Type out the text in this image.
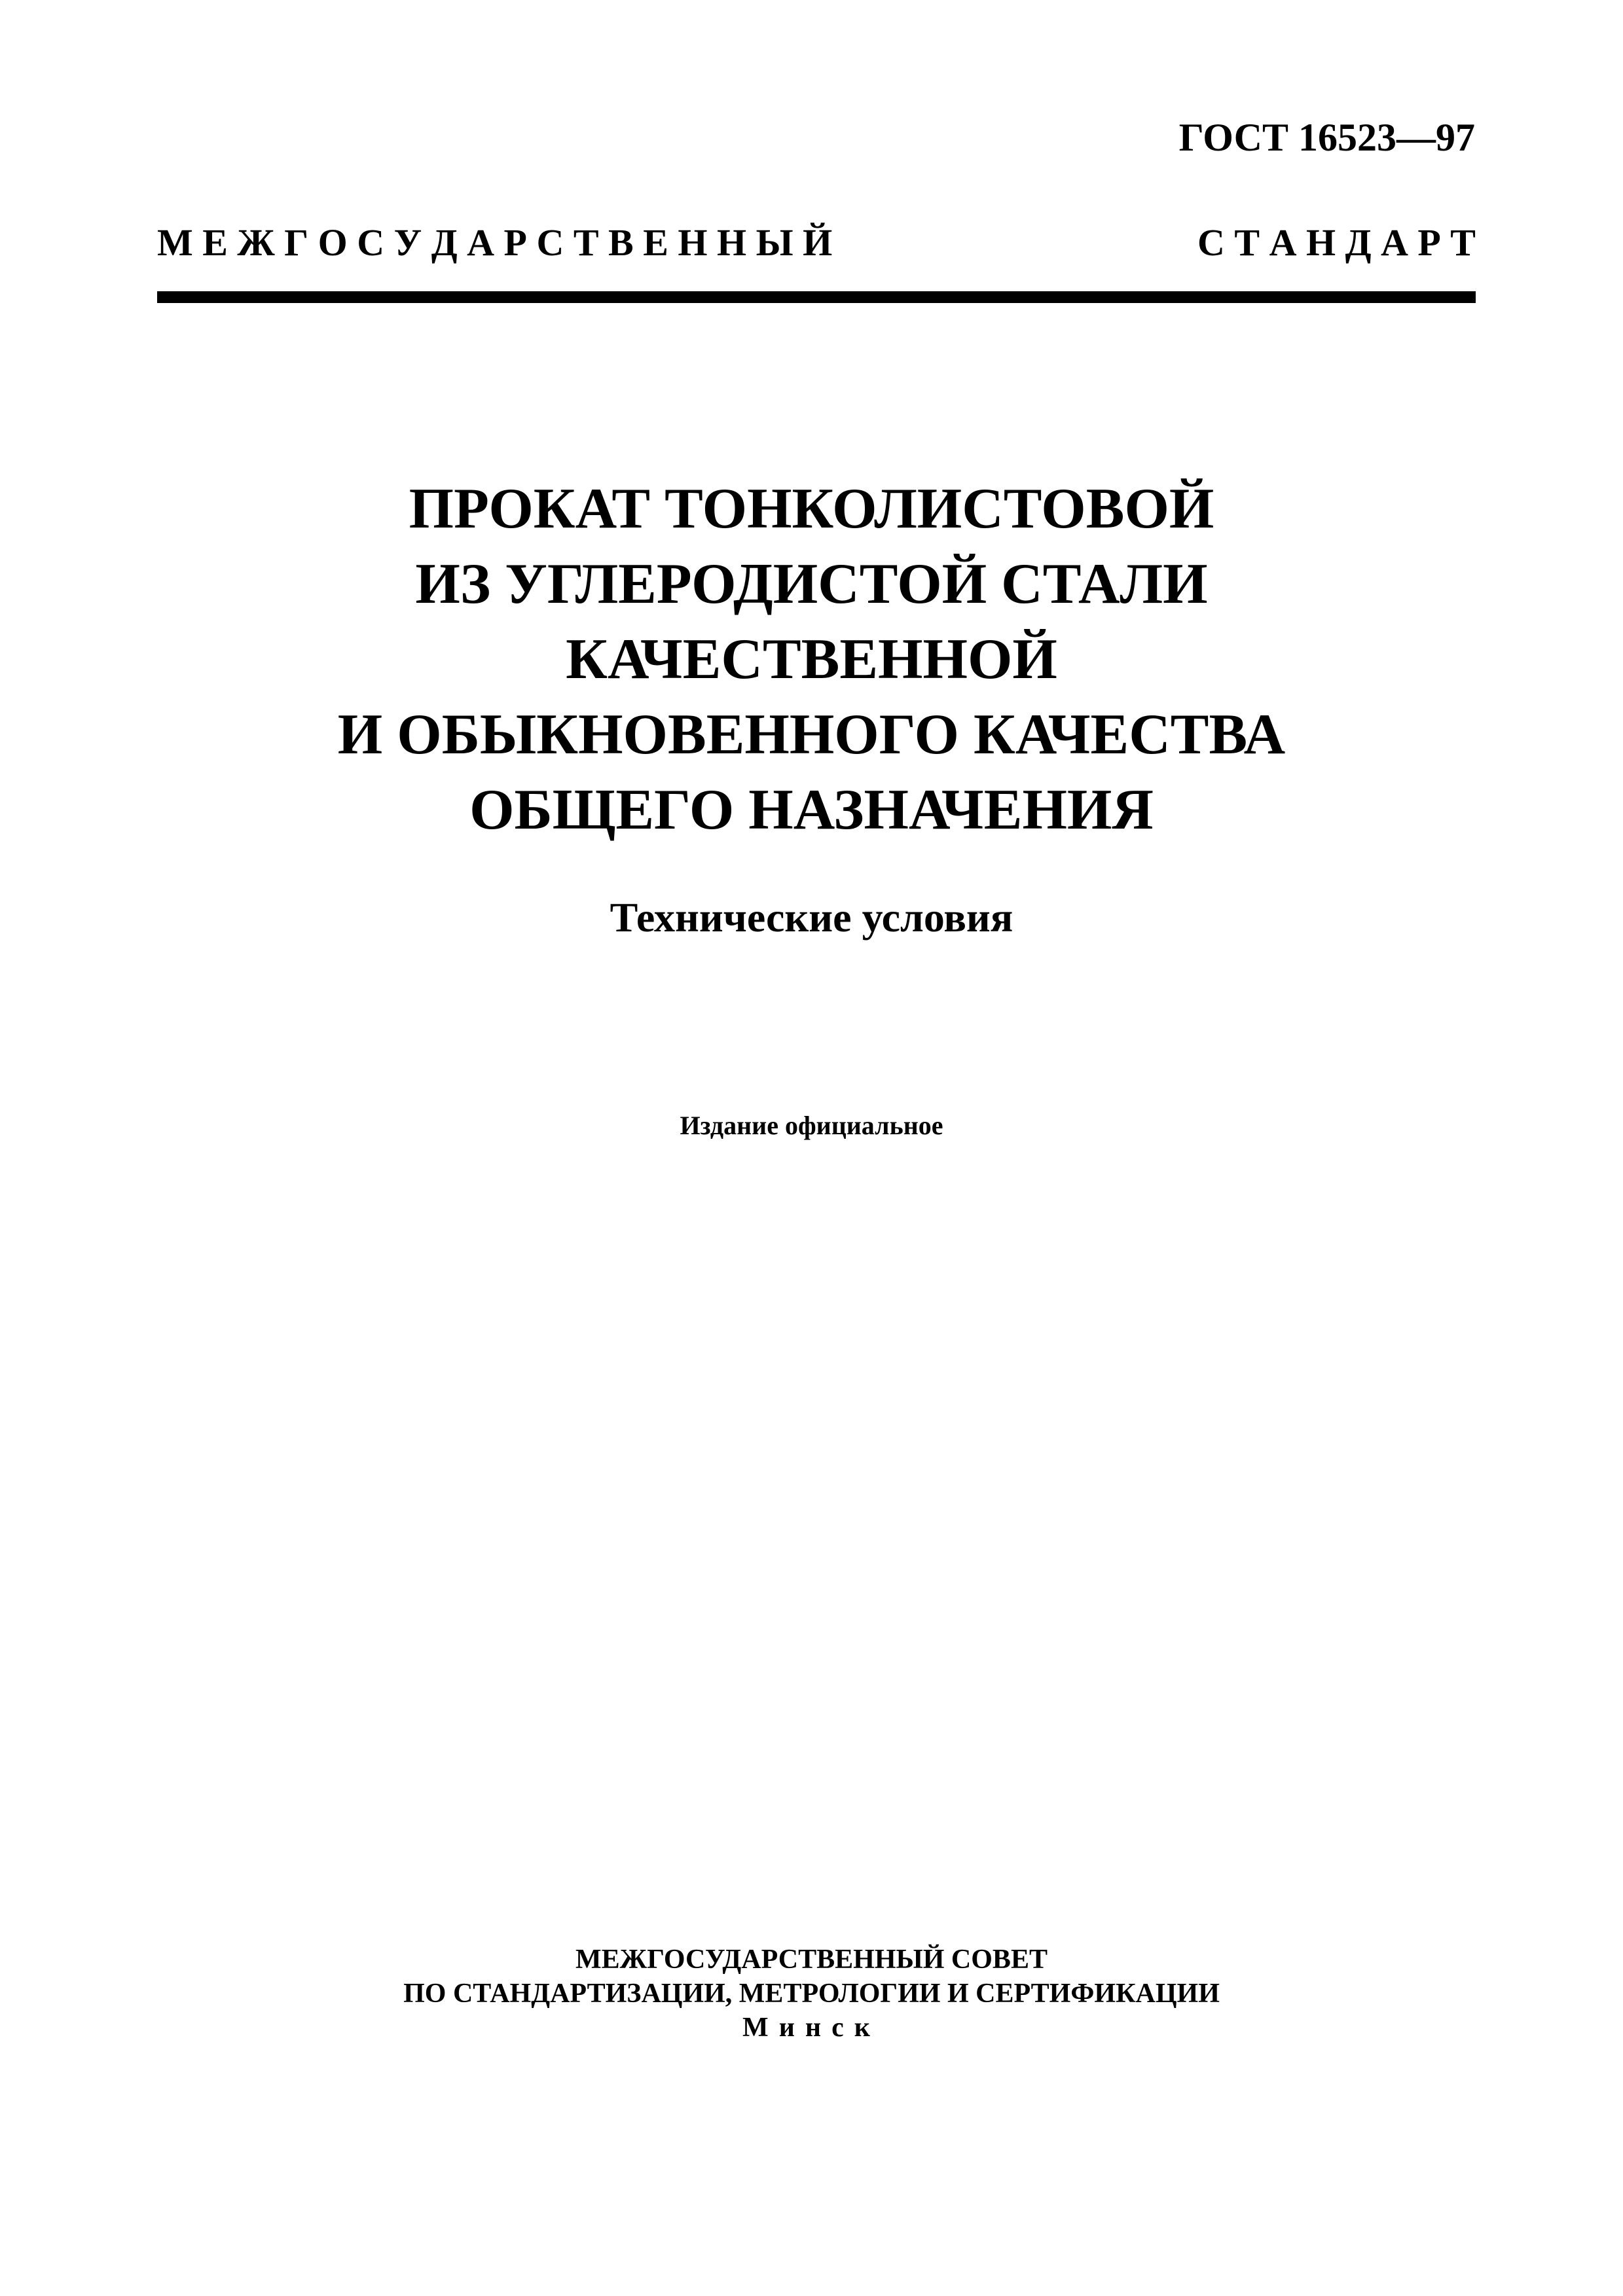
ГОСТ 16523—97
М Е Ж Г О С У Д А Р С Т В Е Н Н Ы Й	С Т А Н Д А Р Т
ПРОКАТ ТОНКОЛИСТОВОЙ
ИЗ УГЛЕРОДИСТОЙ СТАЛИ
КАЧЕСТВЕННОЙ
И ОБЫКНОВЕННОГО КАЧЕСТВА
ОБЩЕГО НАЗНАЧЕНИЯ
Технические условия
Издание официальное
МЕЖГОСУДАРСТВЕННЫЙ СОВЕТ
ПО СТАНДАРТИЗАЦИИ, МЕТРОЛОГИИ И СЕРТИФИКАЦИИ
Минск
